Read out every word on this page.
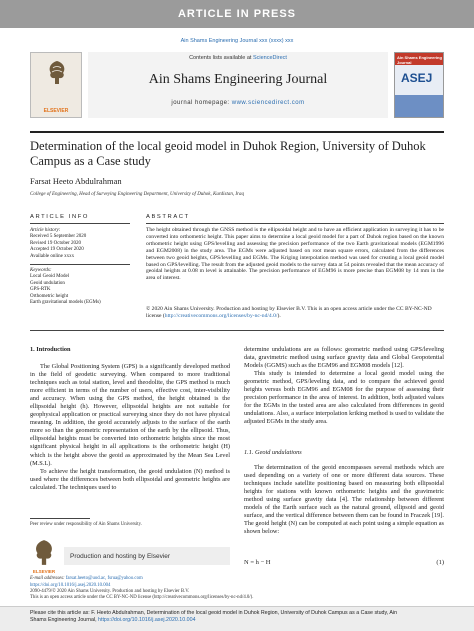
ARTICLE IN PRESS
Ain Shams Engineering Journal xxx (xxxx) xxx
ELSEVIER
Contents lists available at ScienceDirect
Ain Shams Engineering Journal
journal homepage: www.sciencedirect.com
Ain Shams Engineering Journal
ASEJ
Determination of the local geoid model in Duhok Region, University of Duhok Campus as a Case study
Farsat Heeto Abdulrahman
College of Engineering, Head of Surveying Engineering Department, University of Duhok, Kurdistan, Iraq
ARTICLE INFO	ABSTRACT
Article history:
Received 5 September 2020
Revised 19 October 2020
Accepted 19 October 2020
Available online xxxx
Keywords:
Local Geoid Model
Geoid undulation
GPS-RTK
Orthometric height
Earth gravitational models (EGMs)
The height obtained through the GNSS method is the ellipsoidal height and to have an efficient application in surveying it has to be converted into orthometric height. This paper aims to determine a local geoid model for a part of Duhok region based on the known orthometric height using GPS/levelling and assessing the precision performance of the two Earth gravitational models (EGM1996 and EGM2008) in the study area. The EGMs were adjusted based on root mean square errors, calculated from the differences between two geoid heights, GPS/levelling and EGMs. The Kriging interpolation method was used for creating a local geoid model based on GPS/levelling. The result from the adjusted geoid models to the survey data at 54 points revealed that the mean accuracy of geoidal heights at 0.08 m level is attainable. The precision performance of EGM96 is more precise than EGM08 by 14 mm in the area of interest.
© 2020 Ain Shams University. Production and hosting by Elsevier B.V. This is an open access article under the CC BY-NC-ND license (http://creativecommons.org/licenses/by-nc-nd/4.0/).
1. Introduction

The Global Positioning System (GPS) is a significantly developed method in the field of geodetic surveying. When compared to more traditional techniques such as total station, level and theodolite, the GPS method is much more efficient in terms of the number of users, effective cost, inter-visibility and accuracy. When using the GPS method, the height obtained is the ellipsoidal height (h). However, ellipsoidal heights are not suitable for geophysical application or practical surveying since they do not have physical meaning. In addition, the geoid accurately adjusts to the surface of the earth more so than the geometric representation of the earth by the ellipsoid. Thus, ellipsoidal heights must be converted into orthometric heights since the most significant physical height in all applications is the orthometric height (H) which is the height above the geoid as approximated by the Mean Sea Level (M.S.L).

To achieve the height transformation, the geoid undulation (N) method is used where the differences between both ellipsoidal and geometric heights are calculated. The techniques used to

determine undulations are as follows: geometric method using GPS/leveling data, gravimetric method using surface gravity data and Global Geopotential Models (GGMS) such as the EGM96 and EGM08 models [12].

This study is intended to determine a local geoid model using the geometric method, GPS/leveling data, and to compare the achieved geoid heights versus both EGM96 and EGM08 for the purpose of assessing their precision performance in the area of interest. In addition, both adjusted values for the EGMs in the tested area are also calculated from differences in geoid undulations. Also, a surface interpolation kriking method is used to validate the adjusted EGMs in the study area.

1.1. Geoid undulations

The determination of the geoid encompasses several methods which are used depending on a variety of one or more different data sources. These techniques include satellite positioning based on measuring both ellipsoidal heights for stations with known orthometric heights and the gravimetric method using surface gravity data [4]. The relationship between different models of the Earth surface such as the natural ground, ellipsoid and geoid surface, and the vertical difference between them can be found in Fraczek [19]. The geoid height (N) can be computed at each point using a simple equation as shown below:

N = h − H	(1)
Peer review under responsibility of Ain Shams University.
ELSEVIER
Production and hosting by Elsevier
E-mail addresses: farsat.heeto@uod.ac, fsrua@yahoo.com
https://doi.org/10.1016/j.asej.2020.10.004
2090-4479/© 2020 Ain Shams University. Production and hosting by Elsevier B.V.
This is an open access article under the CC BY-NC-ND license (http://creativecommons.org/licenses/by-nc-nd/4.0/).
Please cite this article as: F. Heeto Abdulrahman, Determination of the local geoid model in Duhok Region, University of Duhok Campus as a Case study, Ain
Shams Engineering Journal, https://doi.org/10.1016/j.asej.2020.10.004
